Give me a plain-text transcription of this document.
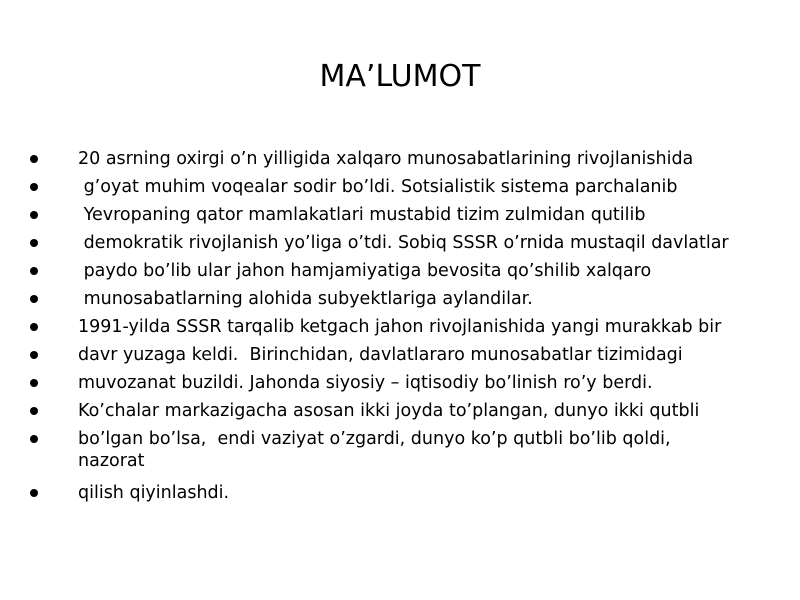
MA’LUMOT
20 asrning oxirgi o’n yilligida xalqaro munosabatlarining rivojlanishida
g’oyat muhim voqealar sodir bo’ldi. Sotsialistik sistema parchalanib
Yevropaning qator mamlakatlari mustabid tizim zulmidan qutilib
demokratik rivojlanish yo’liga o’tdi. Sobiq SSSR o’rnida mustaqil davlatlar
paydo bo’lib ular jahon hamjamiyatiga bevosita qo’shilib xalqaro
munosabatlarning alohida subyektlariga aylandilar.
1991-yilda SSSR tarqalib ketgach jahon rivojlanishida yangi murakkab bir
davr yuzaga keldi.  Birinchidan, davlatlararo munosabatlar tizimidagi
muvozanat buzildi. Jahonda siyosiy – iqtisodiy bo’linish ro’y berdi.
Ko’chalar markazigacha asosan ikki joyda to’plangan, dunyo ikki qutbli
bo’lgan bo’lsa,  endi vaziyat o’zgardi, dunyo ko’p qutbli bo’lib qoldi,
nazorat
qilish qiyinlashdi.
